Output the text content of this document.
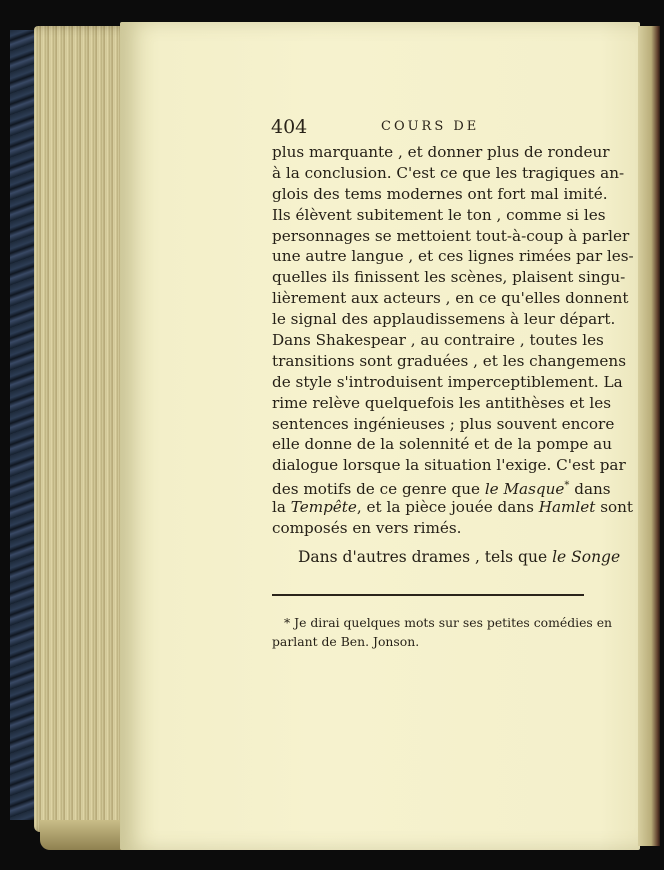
404	COURS DE
plus marquante , et donner plus de rondeur
à la conclusion. C'est ce que les tragiques an-
glois des tems modernes ont fort mal imité.
Ils élèvent subitement le ton , comme si les
personnages se mettoient tout-à-coup à parler
une autre langue , et ces lignes rimées par les-
quelles ils finissent les scènes, plaisent singu-
lièrement aux acteurs , en ce qu'elles donnent
le signal des applaudissemens à leur départ.
Dans Shakespear , au contraire , toutes les
transitions sont graduées , et les changemens
de style s'introduisent imperceptiblement. La
rime relève quelquefois les antithèses et les
sentences ingénieuses ; plus souvent encore
elle donne de la solennité et de la pompe au
dialogue lorsque la situation l'exige. C'est par
des motifs de ce genre que le Masque* dans
la Tempête, et la pièce jouée dans Hamlet sont
composés en vers rimés.
Dans d'autres drames , tels que le Songe
* Je dirai quelques mots sur ses petites comédies en
parlant de Ben. Jonson.
